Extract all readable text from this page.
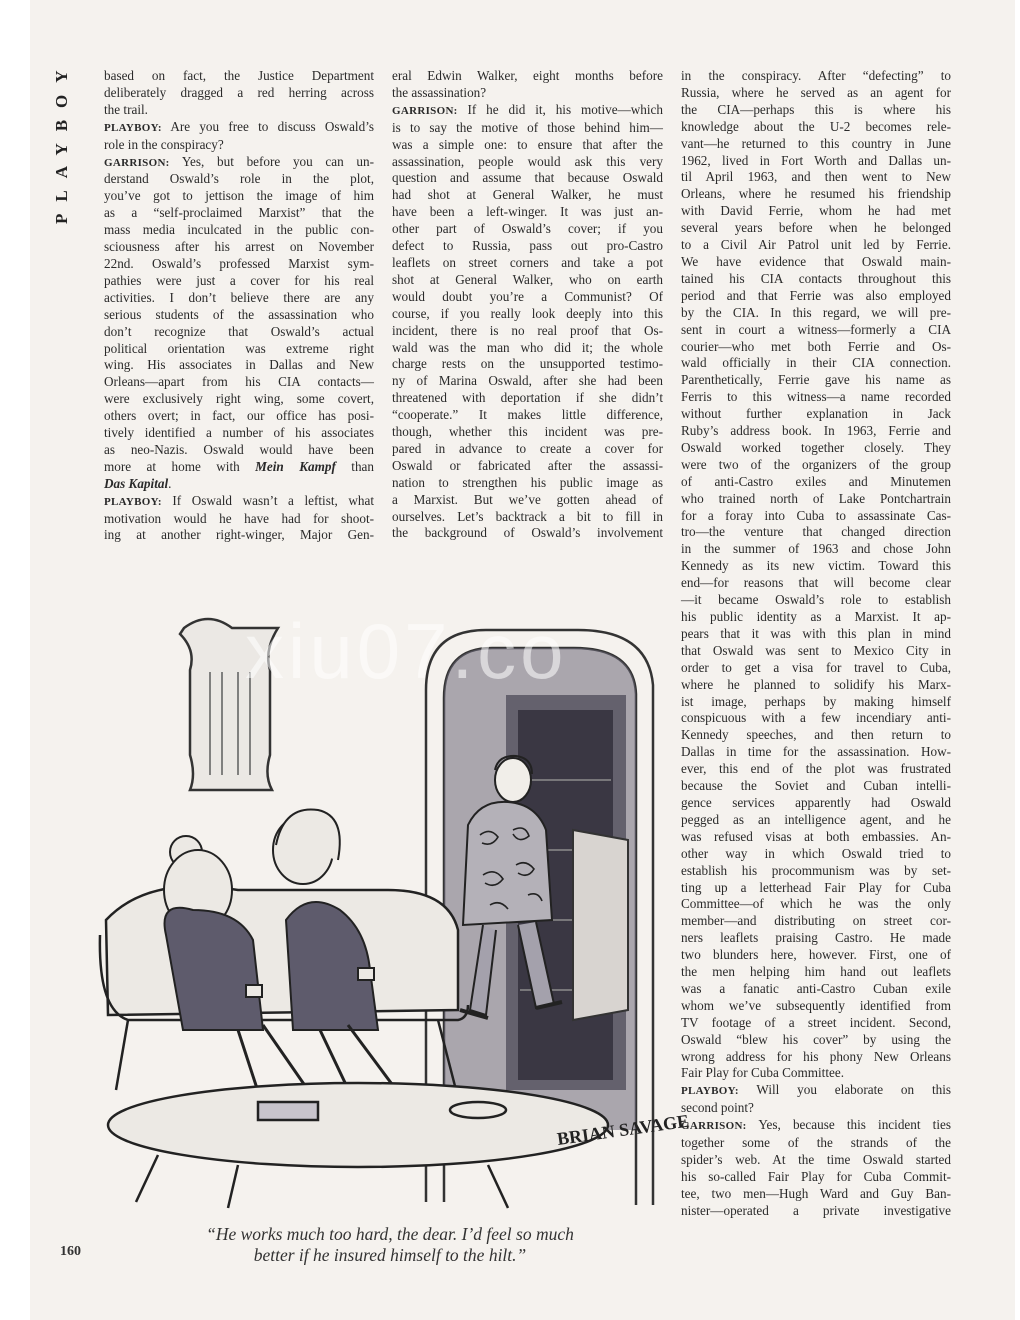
PLAYBOY	based on fact, the Justice Department
deliberately dragged a red herring across
the trail.
PLAYBOY: Are you free to discuss Oswald’s
role in the conspiracy?
GARRISON: Yes, but before you can un-
derstand Oswald’s role in the plot,
you’ve got to jettison the image of him
as a “self-proclaimed Marxist” that the
mass media inculcated in the public con-
sciousness after his arrest on November
22nd. Oswald’s professed Marxist sym-
pathies were just a cover for his real
activities. I don’t believe there are any
serious students of the assassination who
don’t recognize that Oswald’s actual
political orientation was extreme right
wing. His associates in Dallas and New
Orleans—apart from his CIA contacts—
were exclusively right wing, some covert,
others overt; in fact, our office has posi-
tively identified a number of his associates
as neo-Nazis. Oswald would have been
more at home with Mein Kampf than
Das Kapital.
PLAYBOY: If Oswald wasn’t a leftist, what
motivation would he have had for shoot-
ing at another right-winger, Major Gen-
eral Edwin Walker, eight months before
the assassination?
GARRISON: If he did it, his motive—which
is to say the motive of those behind him—
was a simple one: to ensure that after the
assassination, people would ask this very
question and assume that because Oswald
had shot at General Walker, he must
have been a left-winger. It was just an-
other part of Oswald’s cover; if you
defect to Russia, pass out pro-Castro
leaflets on street corners and take a pot
shot at General Walker, who on earth
would doubt you’re a Communist? Of
course, if you really look deeply into this
incident, there is no real proof that Os-
wald was the man who did it; the whole
charge rests on the unsupported testimo-
ny of Marina Oswald, after she had been
threatened with deportation if she didn’t
“cooperate.” It makes little difference,
though, whether this incident was pre-
pared in advance to create a cover for
Oswald or fabricated after the assassi-
nation to strengthen his public image as
a Marxist. But we’ve gotten ahead of
ourselves. Let’s backtrack a bit to fill in
the background of Oswald’s involvement
in the conspiracy. After “defecting” to
Russia, where he served as an agent for
the CIA—perhaps this is where his
knowledge about the U-2 becomes rele-
vant—he returned to this country in June
1962, lived in Fort Worth and Dallas un-
til April 1963, and then went to New
Orleans, where he resumed his friendship
with David Ferrie, whom he had met
several years before when he belonged
to a Civil Air Patrol unit led by Ferrie.
We have evidence that Oswald main-
tained his CIA contacts throughout this
period and that Ferrie was also employed
by the CIA. In this regard, we will pre-
sent in court a witness—formerly a CIA
courier—who met both Ferrie and Os-
wald officially in their CIA connection.
Parenthetically, Ferrie gave his name as
Ferris to this witness—a name recorded
without further explanation in Jack
Ruby’s address book. In 1963, Ferrie and
Oswald worked together closely. They
were two of the organizers of the group
of anti-Castro exiles and Minutemen
who trained north of Lake Pontchartrain
for a foray into Cuba to assassinate Cas-
tro—the venture that changed direction
in the summer of 1963 and chose John
Kennedy as its new victim. Toward this
end—for reasons that will become clear
—it became Oswald’s role to establish
his public identity as a Marxist. It ap-
pears that it was with this plan in mind
that Oswald was sent to Mexico City in
order to get a visa for travel to Cuba,
where he planned to solidify his Marx-
ist image, perhaps by making himself
conspicuous with a few incendiary anti-
Kennedy speeches, and then return to
Dallas in time for the assassination. How-
ever, this end of the plot was frustrated
because the Soviet and Cuban intelli-
gence services apparently had Oswald
pegged as an intelligence agent, and he
was refused visas at both embassies. An-
other way in which Oswald tried to
establish his procommunism was by set-
ting up a letterhead Fair Play for Cuba
Committee—of which he was the only
member—and distributing on street cor-
ners leaflets praising Castro. He made
two blunders here, however. First, one of
the men helping him hand out leaflets
was a fanatic anti-Castro Cuban exile
whom we’ve subsequently identified from
TV footage of a street incident. Second,
Oswald “blew his cover” by using the
wrong address for his phony New Orleans
Fair Play for Cuba Committee.
PLAYBOY: Will you elaborate on this
second point?
GARRISON: Yes, because this incident ties
together some of the strands of the
spider’s web. At the time Oswald started
his so-called Fair Play for Cuba Commit-
tee, two men—Hugh Ward and Guy Ban-
nister—operated a private investigative
BRIAN SAVAGE
“He works much too hard, the dear. I’d feel so much
better if he insured himself to the hilt.”
160
xiu07.co
